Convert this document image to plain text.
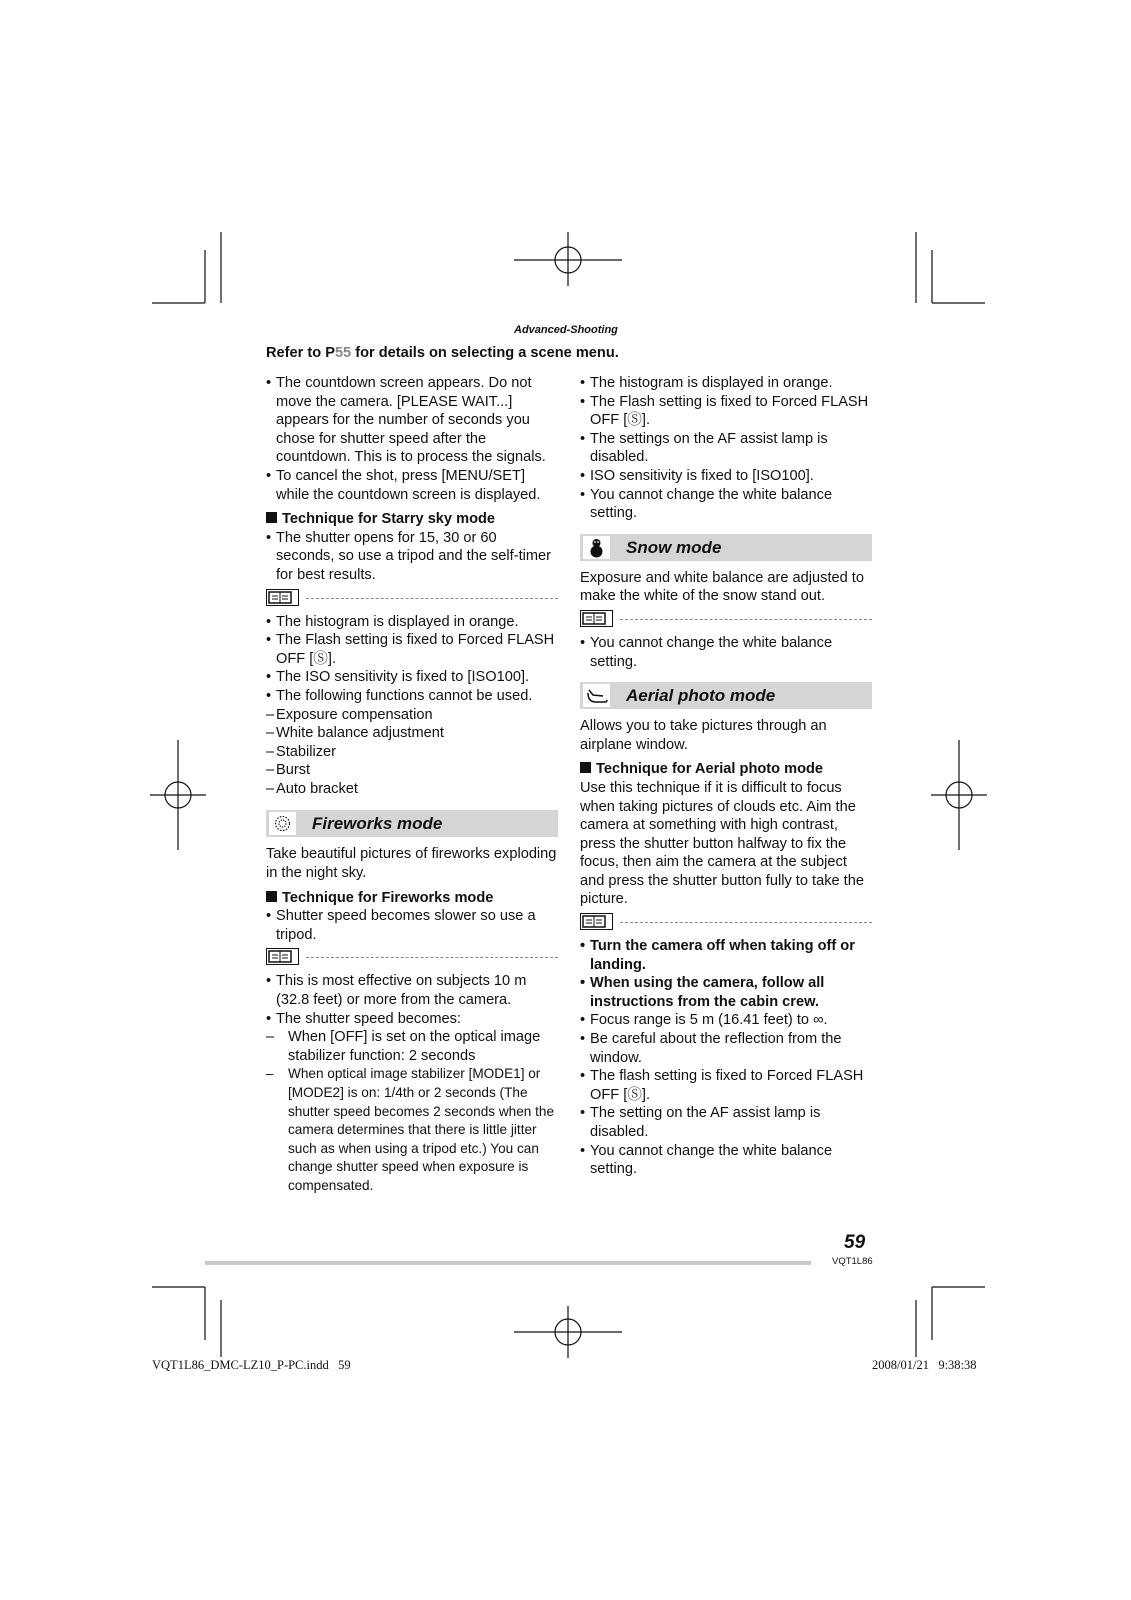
Advanced-Shooting
Refer to P55 for details on selecting a scene menu.

• The countdown screen appears. Do not move the camera. [PLEASE WAIT...] appears for the number of seconds you chose for shutter speed after the countdown. This is to process the signals.

• To cancel the shot, press [MENU/SET] while the countdown screen is displayed.

Technique for Starry sky mode

• The shutter opens for 15, 30 or 60 seconds, so use a tripod and the self-timer for best results.

• The histogram is displayed in orange.

• The Flash setting is fixed to Forced FLASH OFF [Ⓢ].

• The ISO sensitivity is fixed to [ISO100].

• The following functions cannot be used.

– Exposure compensation

– White balance adjustment

– Stabilizer

– Burst

– Auto bracket

Fireworks mode

Take beautiful pictures of fireworks exploding in the night sky.

Technique for Fireworks mode

• Shutter speed becomes slower so use a tripod.

• This is most effective on subjects 10 m (32.8 feet) or more from the camera.

• The shutter speed becomes:

– When [OFF] is set on the optical image stabilizer function: 2 seconds

– When optical image stabilizer [MODE1] or [MODE2] is on: 1/4th or 2 seconds (The shutter speed becomes 2 seconds when the camera determines that there is little jitter such as when using a tripod etc.) You can change shutter speed when exposure is compensated.

• The histogram is displayed in orange.

• The Flash setting is fixed to Forced FLASH OFF [Ⓢ].

• The settings on the AF assist lamp is disabled.

• ISO sensitivity is fixed to [ISO100].

• You cannot change the white balance setting.

Snow mode

Exposure and white balance are adjusted to make the white of the snow stand out.

• You cannot change the white balance setting.

Aerial photo mode

Allows you to take pictures through an airplane window.

Technique for Aerial photo mode

Use this technique if it is difficult to focus when taking pictures of clouds etc. Aim the camera at something with high contrast, press the shutter button halfway to fix the focus, then aim the camera at the subject and press the shutter button fully to take the picture.

• Turn the camera off when taking off or landing.

• When using the camera, follow all instructions from the cabin crew.

• Focus range is 5 m (16.41 feet) to ∞.

• Be careful about the reflection from the window.

• The flash setting is fixed to Forced FLASH OFF [Ⓢ].

• The setting on the AF assist lamp is disabled.

• You cannot change the white balance setting.

59
VQT1L86
VQT1L86_DMC-LZ10_P-PC.indd   59	2008/01/21   9:38:38
